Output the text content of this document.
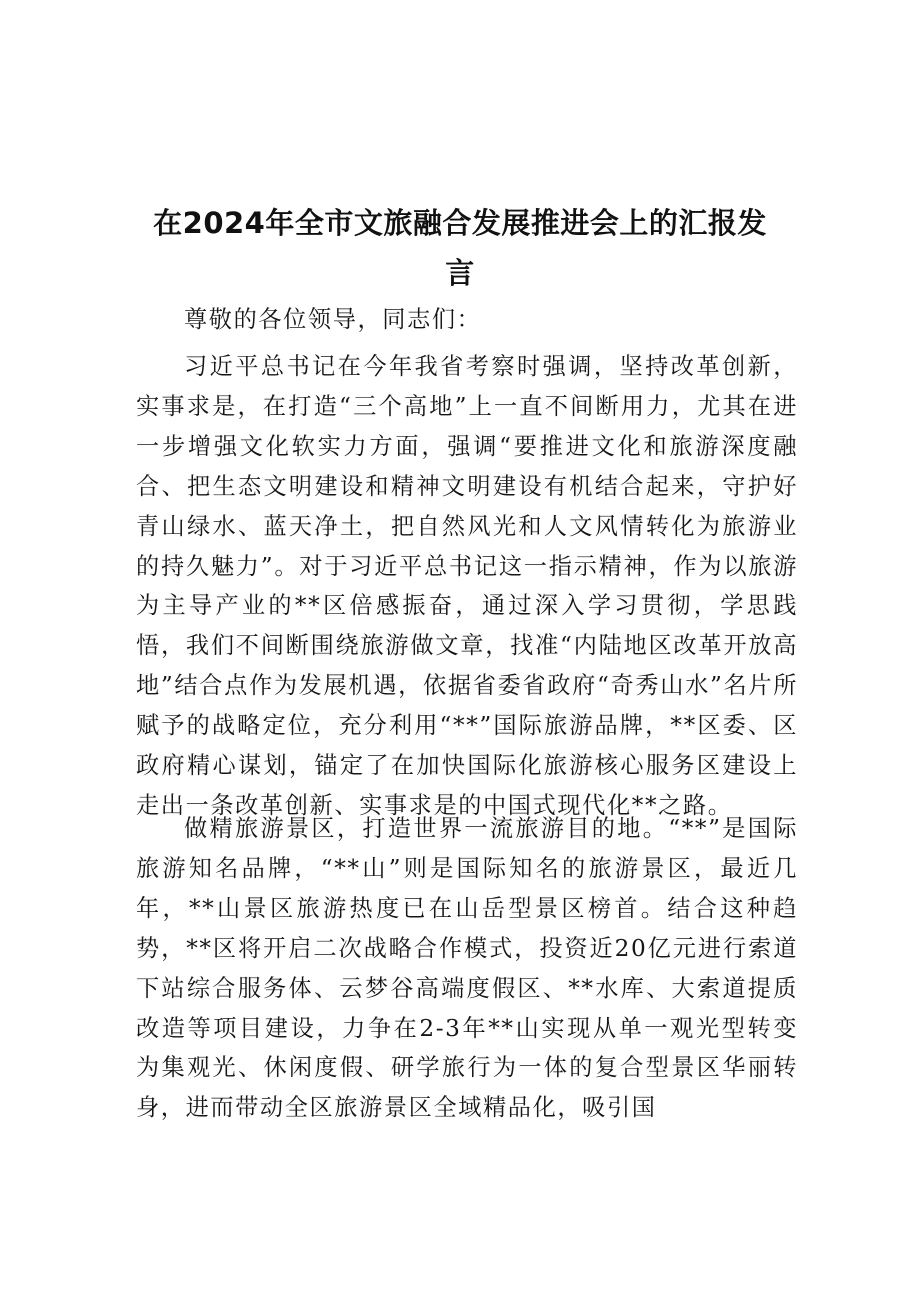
在2024年全市文旅融合发展推进会上的汇报发
言
尊敬的各位领导，同志们：
习近平总书记在今年我省考察时强调，坚持改革创新，实事求是，在打造“三个高地”上一直不间断用力，尤其在进一步增强文化软实力方面，强调“要推进文化和旅游深度融合、把生态文明建设和精神文明建设有机结合起来，守护好青山绿水、蓝天净土，把自然风光和人文风情转化为旅游业的持久魅力”。对于习近平总书记这一指示精神，作为以旅游为主导产业的**区倍感振奋，通过深入学习贯彻，学思践悟，我们不间断围绕旅游做文章，找准“内陆地区改革开放高地”结合点作为发展机遇，依据省委省政府“奇秀山水”名片所赋予的战略定位，充分利用“**”国际旅游品牌，**区委、区政府精心谋划，锚定了在加快国际化旅游核心服务区建设上走出一条改革创新、实事求是的中国式现代化**之路。
做精旅游景区，打造世界一流旅游目的地。“**”是国际旅游知名品牌，“**山”则是国际知名的旅游景区，最近几年，**山景区旅游热度已在山岳型景区榜首。结合这种趋势，**区将开启二次战略合作模式，投资近20亿元进行索道下站综合服务体、云梦谷高端度假区、**水库、大索道提质改造等项目建设，力争在2-3年**山实现从单一观光型转变为集观光、休闲度假、研学旅行为一体的复合型景区华丽转身，进而带动全区旅游景区全域精品化，吸引国
